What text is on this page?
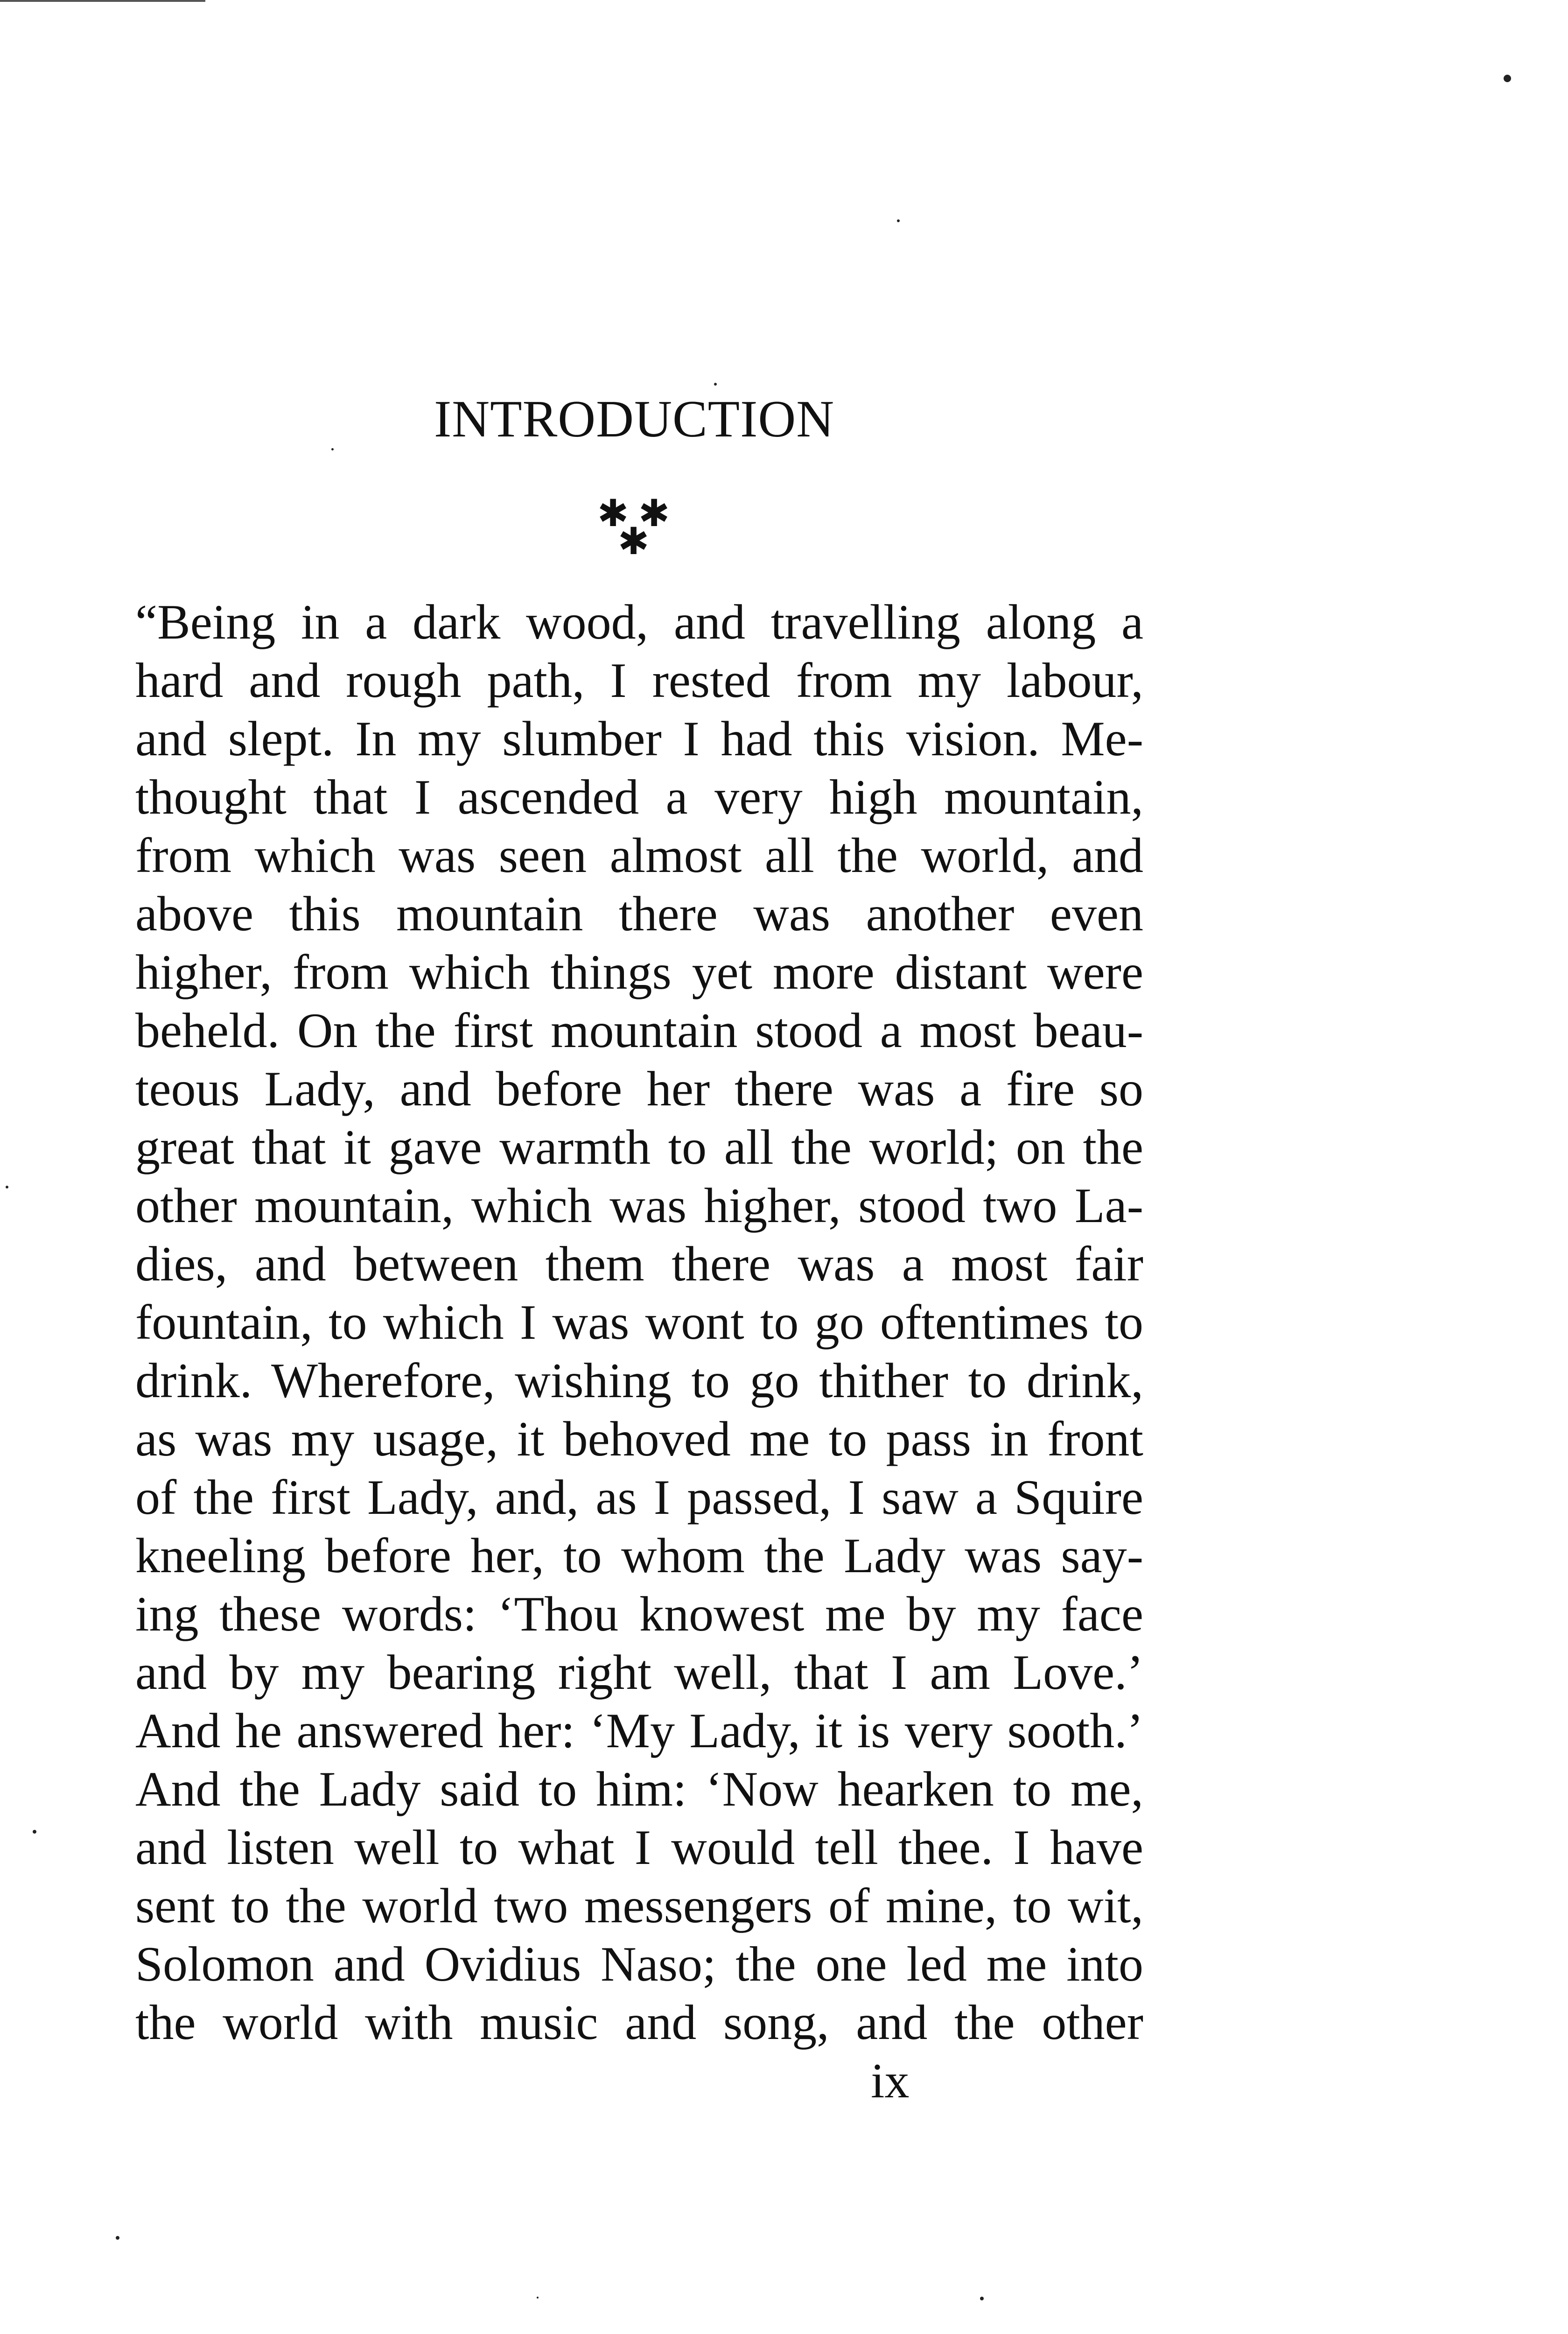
INTRODUCTION
✱ ✱
✱
“Being in a dark wood, and travelling along a
hard and rough path, I rested from my labour,
and slept. In my slumber I had this vision. Me-
thought that I ascended a very high mountain,
from which was seen almost all the world, and
above this mountain there was another even
higher, from which things yet more distant were
beheld. On the first mountain stood a most beau-
teous Lady, and before her there was a fire so
great that it gave warmth to all the world; on the
other mountain, which was higher, stood two La-
dies, and between them there was a most fair
fountain, to which I was wont to go oftentimes to
drink. Wherefore, wishing to go thither to drink,
as was my usage, it behoved me to pass in front
of the first Lady, and, as I passed, I saw a Squire
kneeling before her, to whom the Lady was say-
ing these words: ‘Thou knowest me by my face
and by my bearing right well, that I am Love.’
And he answered her: ‘My Lady, it is very sooth.’
And the Lady said to him: ‘Now hearken to me,
and listen well to what I would tell thee. I have
sent to the world two messengers of mine, to wit,
Solomon and Ovidius Naso; the one led me into
the world with music and song, and the other
ix
